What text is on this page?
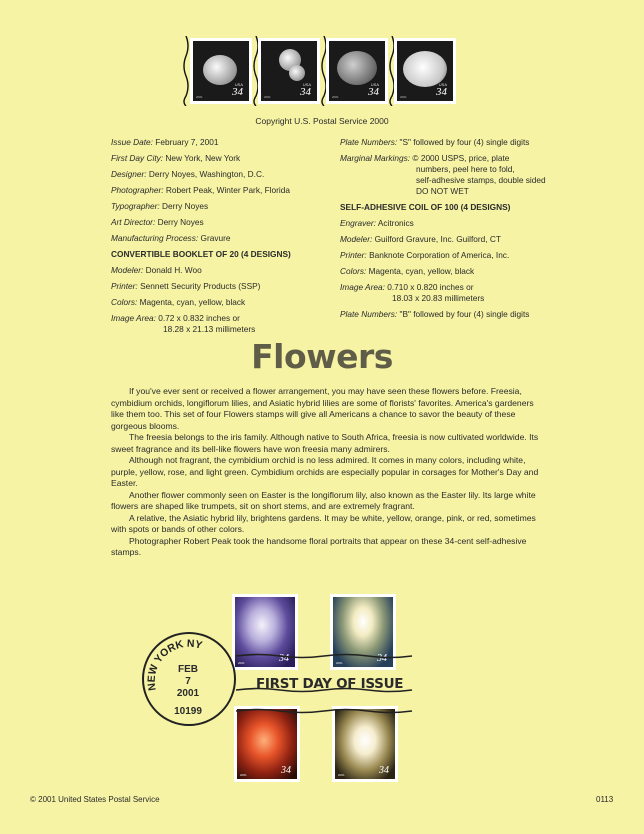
USA
34
2001
USA
34
2001
USA
34
2001
USA
34
2001
Copyright U.S. Postal Service 2000
Issue Date: February 7, 2001
First Day City: New York, New York
Designer: Derry Noyes, Washington, D.C.
Photographer: Robert Peak, Winter Park, Florida
Typographer: Derry Noyes
Art Director: Derry Noyes
Manufacturing Process: Gravure
CONVERTIBLE BOOKLET OF 20 (4 DESIGNS)
Modeler: Donald H. Woo
Printer: Sennett Security Products (SSP)
Colors: Magenta, cyan, yellow, black
Image Area: 0.72 x 0.832 inches or
18.28 x 21.13 millimeters
Plate Numbers: "S" followed by four (4) single digits
Marginal Markings: © 2000 USPS, price, plate
numbers, peel here to fold,
self-adhesive stamps, double sided
DO NOT WET
SELF-ADHESIVE COIL OF 100 (4 DESIGNS)
Engraver: Acitronics
Modeler: Guilford Gravure, Inc. Guilford, CT
Printer: Banknote Corporation of America, Inc.
Colors: Magenta, cyan, yellow, black
Image Area: 0.710 x 0.820 inches or
18.03 x 20.83 millimeters
Plate Numbers: "B" followed by four (4) single digits
Flowers

If you've ever sent or received a flower arrangement, you may have seen these flowers before. Freesia, cymbidium orchids, longiflorum lilies, and Asiatic hybrid lilies are some of florists' favorites. America's gardeners like them too. This set of four Flowers stamps will give all Americans a chance to savor the beauty of these gorgeous blooms.

The freesia belongs to the iris family. Although native to South Africa, freesia is now cultivated worldwide. Its sweet fragrance and its bell-like flowers have won freesia many admirers.

Although not fragrant, the cymbidium orchid is no less admired. It comes in many colors, including white, purple, yellow, rose, and light green. Cymbidium orchids are especially popular in corsages for Mother's Day and Easter.

Another flower commonly seen on Easter is the longiflorum lily, also known as the Easter lily. Its large white flowers are shaped like trumpets, sit on short stems, and are extremely fragrant.

A relative, the Asiatic hybrid lily, brightens gardens. It may be white, yellow, orange, pink, or red, sometimes with spots or bands of other colors.

Photographer Robert Peak took the handsome floral portraits that appear on these 34-cent self-adhesive stamps.

34
2001	34
2001
34
2001	34
2001
NEW YORK NY
FEB
7
2001
10199
FIRST DAY OF ISSUE
© 2001 United States Postal Service	0113
